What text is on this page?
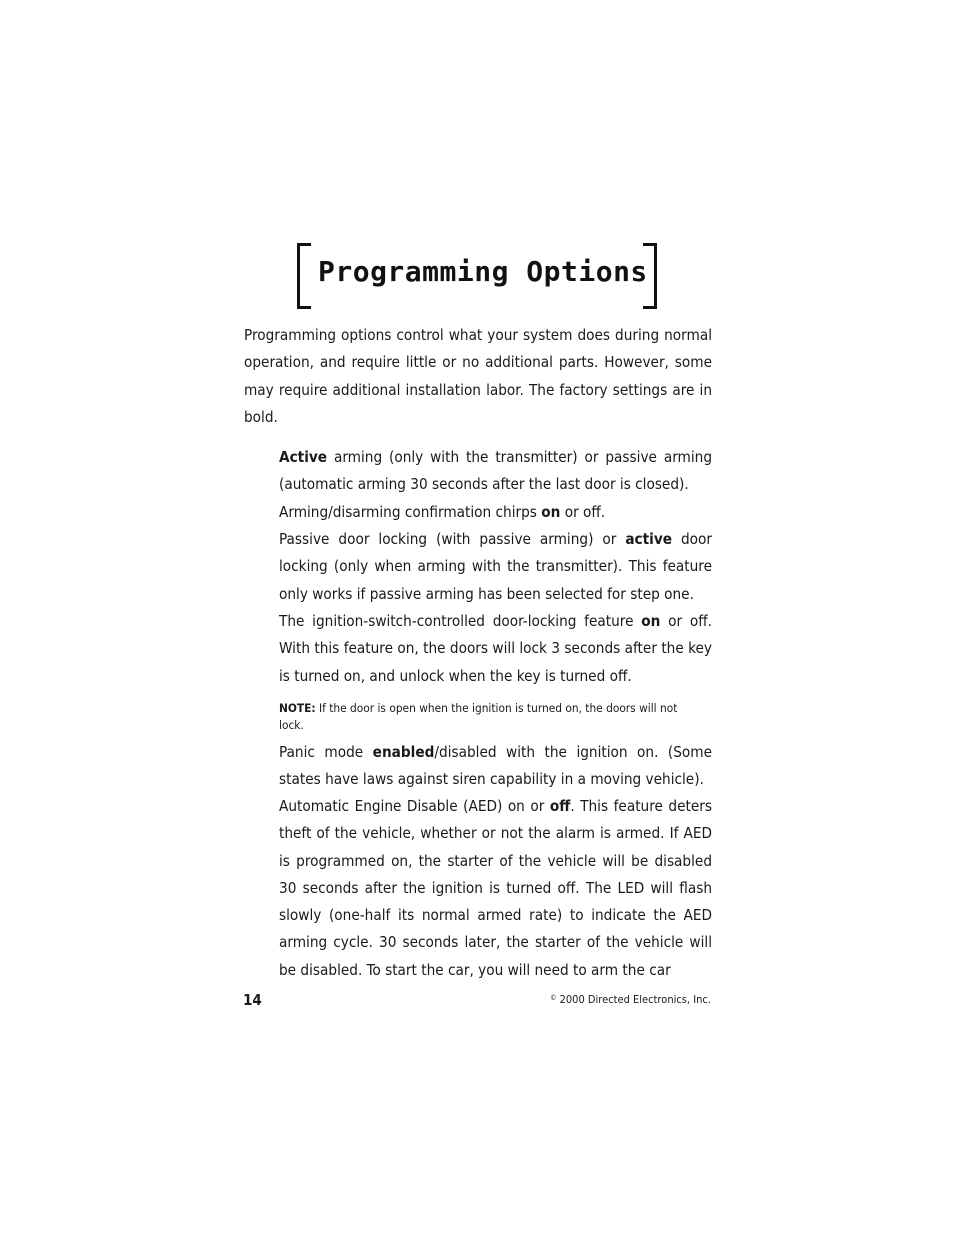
Programming Options

Programming options control what your system does during normal operation, and require little or no additional parts. However, some may require additional installation labor. The factory settings are in bold.

Active arming (only with the transmitter) or passive arming (automatic arming 30 seconds after the last door is closed).

Arming/disarming confirmation chirps on or off.

Passive door locking (with passive arming) or active door locking (only when arming with the transmitter). This feature only works if passive arming has been selected for step one.

The ignition-switch-controlled door-locking feature on or off. With this feature on, the doors will lock 3 seconds after the key is turned on, and unlock when the key is turned off.

NOTE: If the door is open when the ignition is turned on, the doors will not lock.

Panic mode enabled/disabled with the ignition on. (Some states have laws against siren capability in a moving vehicle).

Automatic Engine Disable (AED) on or off. This feature deters theft of the vehicle, whether or not the alarm is armed. If AED is programmed on, the starter of the vehicle will be disabled 30 seconds after the ignition is turned off. The LED will flash slowly (one-half its normal armed rate) to indicate the AED arming cycle. 30 seconds later, the starter of the vehicle will be disabled. To start the car, you will need to arm the car

14	© 2000 Directed Electronics, Inc.
